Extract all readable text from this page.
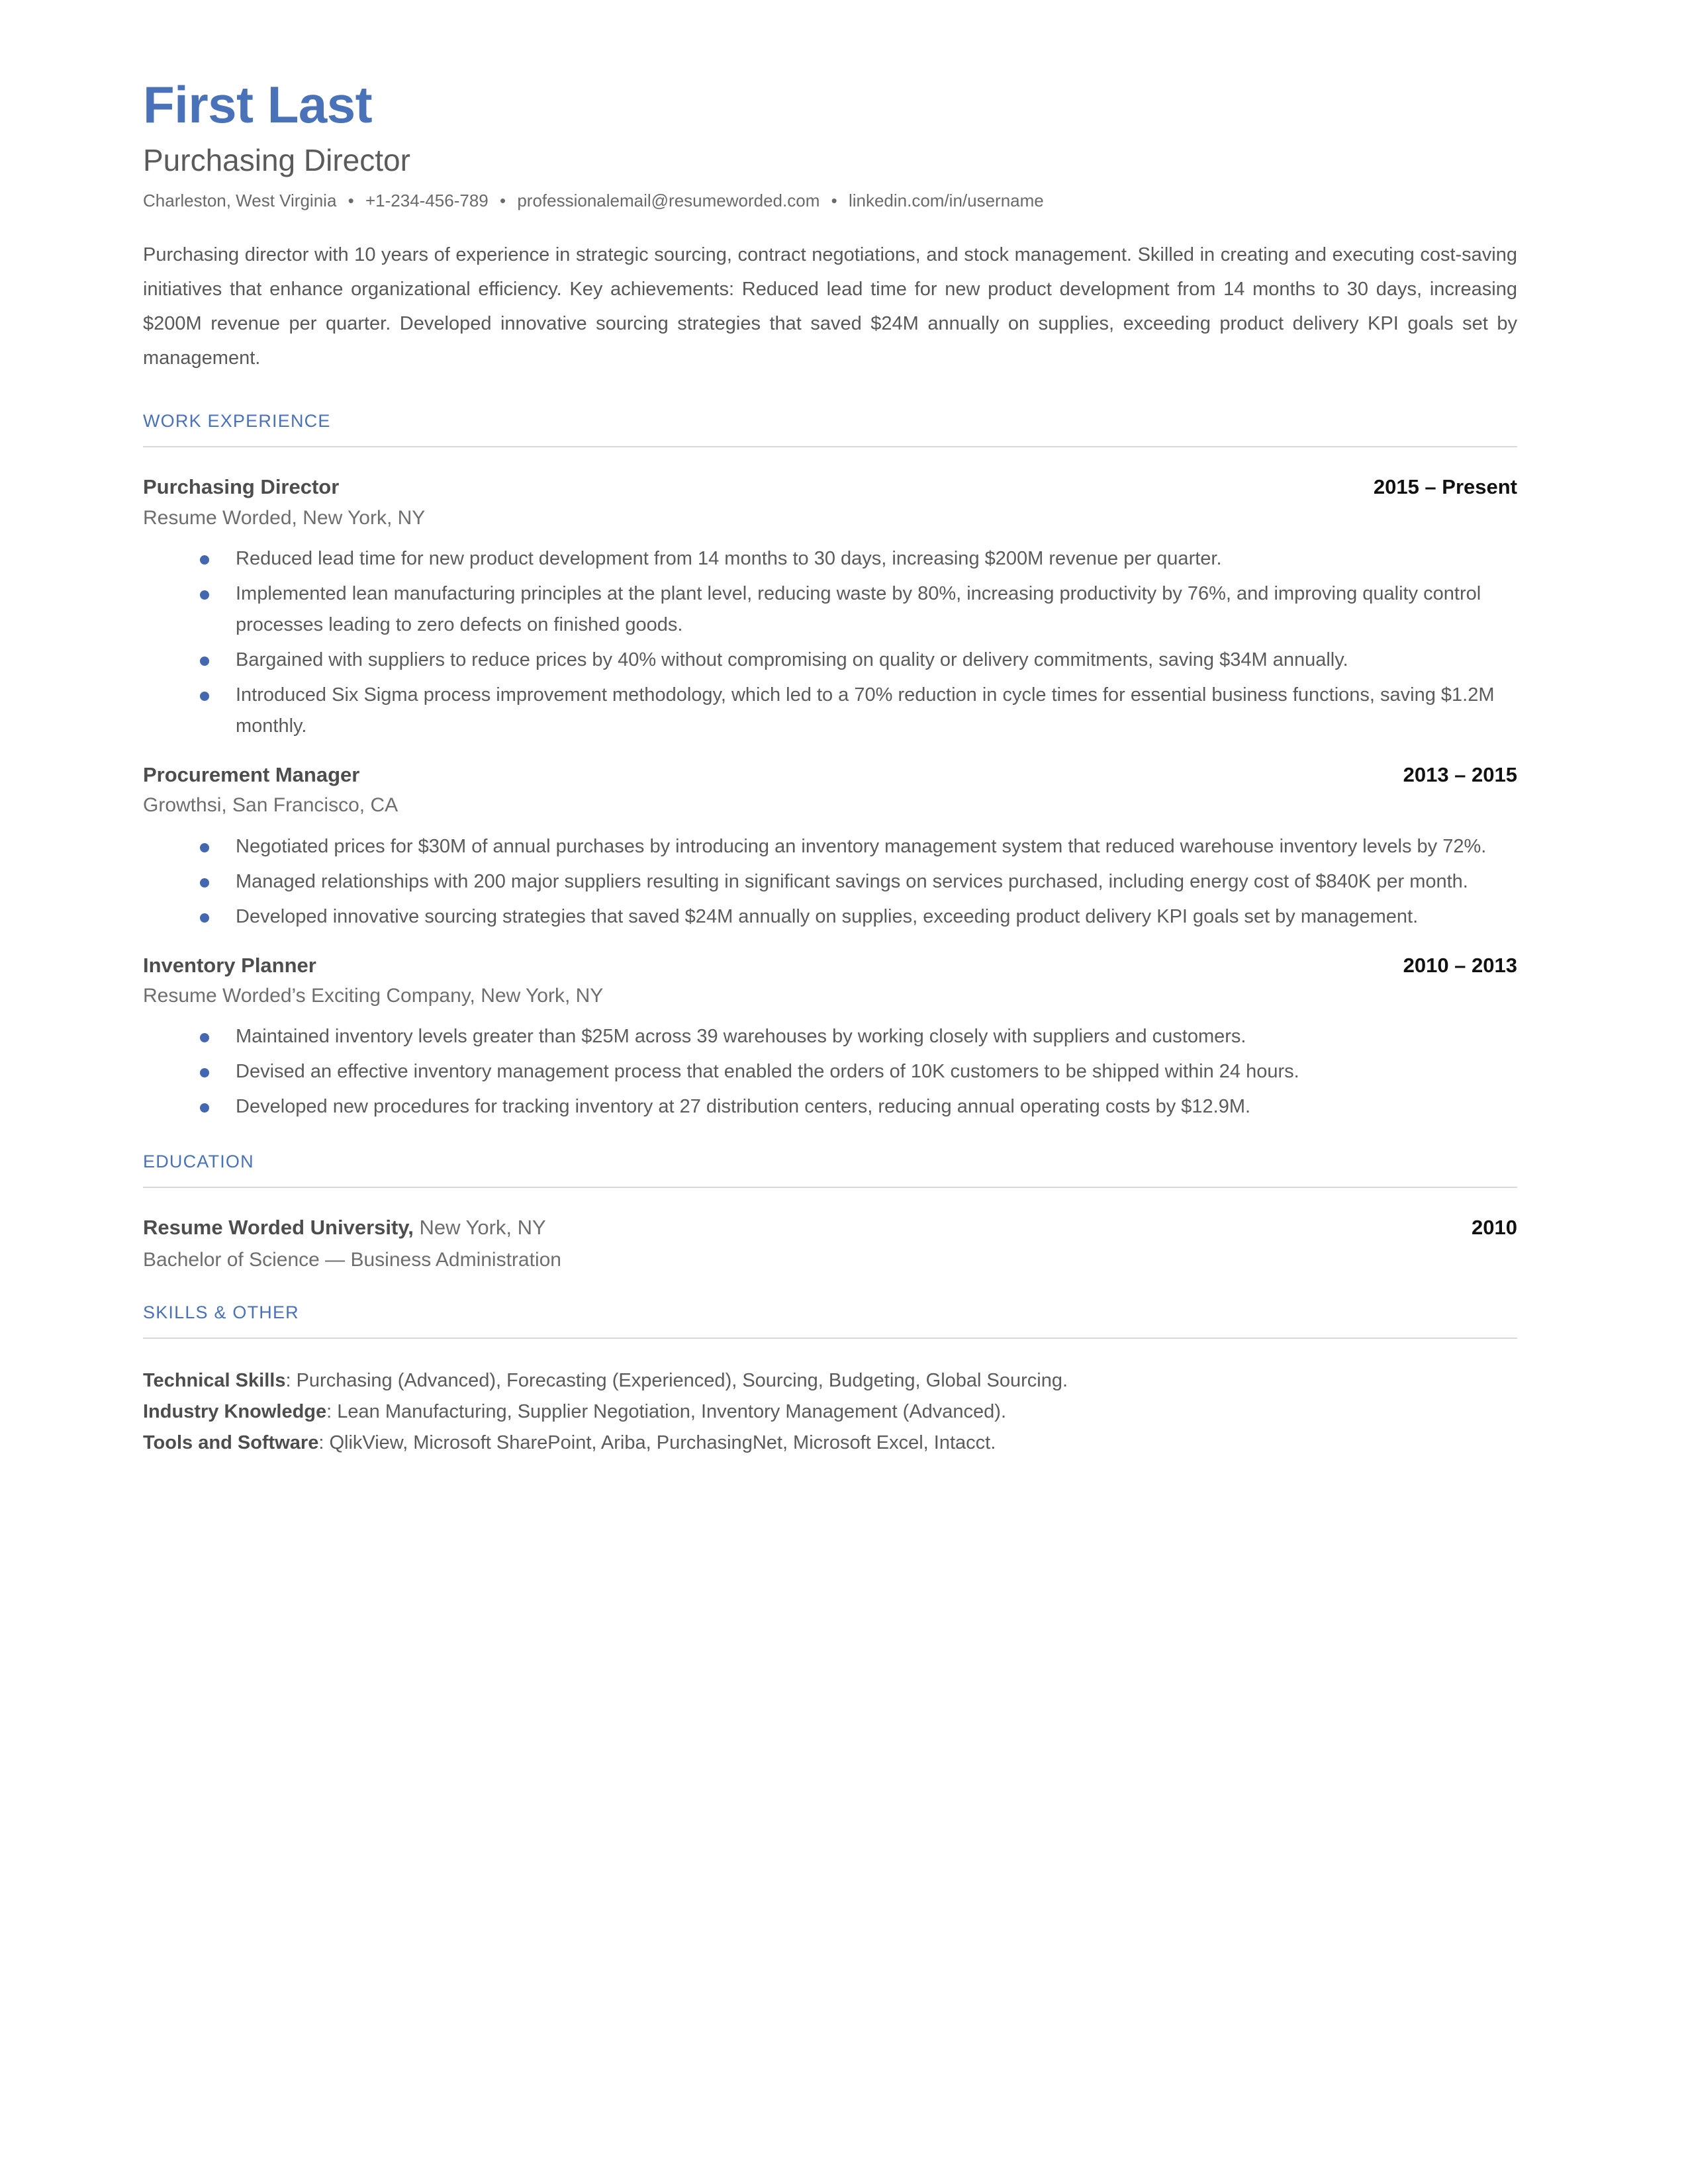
First Last
Purchasing Director
Charleston, West Virginia • +1-234-456-789 • professionalemail@resumeworded.com • linkedin.com/in/username

Purchasing director with 10 years of experience in strategic sourcing, contract negotiations, and stock management. Skilled in creating and executing cost-saving initiatives that enhance organizational efficiency. Key achievements: Reduced lead time for new product development from 14 months to 30 days, increasing $200M revenue per quarter. Developed innovative sourcing strategies that saved $24M annually on supplies, exceeding product delivery KPI goals set by management.

WORK EXPERIENCE
Purchasing Director	2015 – Present
Resume Worded, New York, NY
Reduced lead time for new product development from 14 months to 30 days, increasing $200M revenue per quarter.
Implemented lean manufacturing principles at the plant level, reducing waste by 80%, increasing productivity by 76%, and improving quality control processes leading to zero defects on finished goods.
Bargained with suppliers to reduce prices by 40% without compromising on quality or delivery commitments, saving $34M annually.
Introduced Six Sigma process improvement methodology, which led to a 70% reduction in cycle times for essential business functions, saving $1.2M monthly.
Procurement Manager	2013 – 2015
Growthsi, San Francisco, CA
Negotiated prices for $30M of annual purchases by introducing an inventory management system that reduced warehouse inventory levels by 72%.
Managed relationships with 200 major suppliers resulting in significant savings on services purchased, including energy cost of $840K per month.
Developed innovative sourcing strategies that saved $24M annually on supplies, exceeding product delivery KPI goals set by management.
Inventory Planner	2010 – 2013
Resume Worded’s Exciting Company, New York, NY
Maintained inventory levels greater than $25M across 39 warehouses by working closely with suppliers and customers.
Devised an effective inventory management process that enabled the orders of 10K customers to be shipped within 24 hours.
Developed new procedures for tracking inventory at 27 distribution centers, reducing annual operating costs by $12.9M.
EDUCATION
Resume Worded University, New York, NY	2010
Bachelor of Science — Business Administration
SKILLS & OTHER
Technical Skills: Purchasing (Advanced), Forecasting (Experienced), Sourcing, Budgeting, Global Sourcing.
Industry Knowledge: Lean Manufacturing, Supplier Negotiation, Inventory Management (Advanced).
Tools and Software: QlikView, Microsoft SharePoint, Ariba, PurchasingNet, Microsoft Excel, Intacct.
